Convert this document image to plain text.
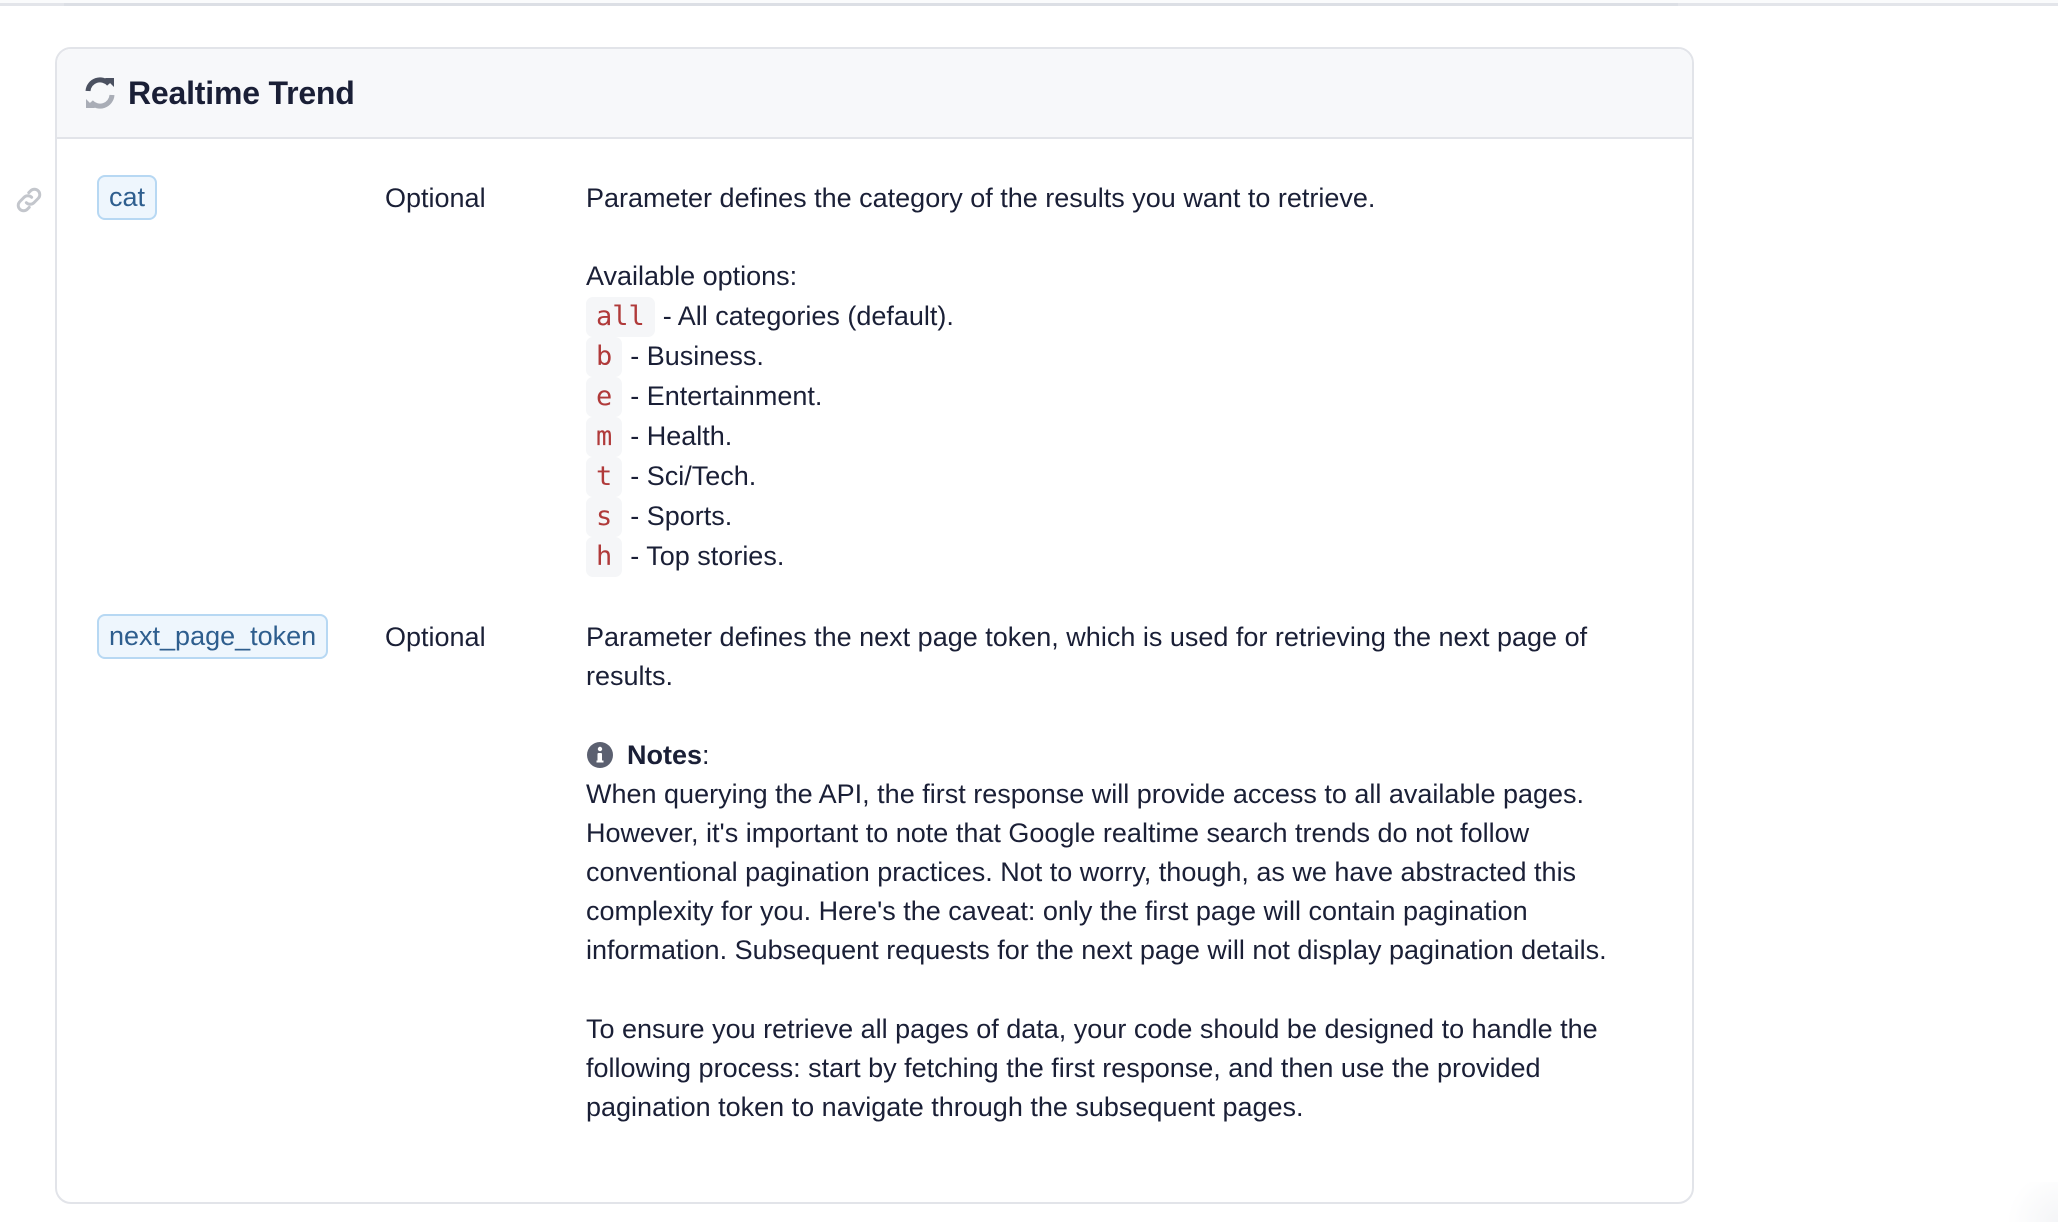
Realtime Trend
cat	Optional	Parameter defines the category of the results you want to retrieve.

Available options:

all - All categories (default).
b - Business.
e - Entertainment.
m - Health.
t - Sci/Tech.
s - Sports.
h - Top stories.
next_page_token	Optional	Parameter defines the next page token, which is used for retrieving the next page of results.

Notes :

When querying the API, the first response will provide access to all available pages. However, it's important to note that Google realtime search trends do not follow conventional pagination practices. Not to worry, though, as we have abstracted this complexity for you. Here's the caveat: only the first page will contain pagination information. Subsequent requests for the next page will not display pagination details.

To ensure you retrieve all pages of data, your code should be designed to handle the following process: start by fetching the first response, and then use the provided pagination token to navigate through the subsequent pages.
